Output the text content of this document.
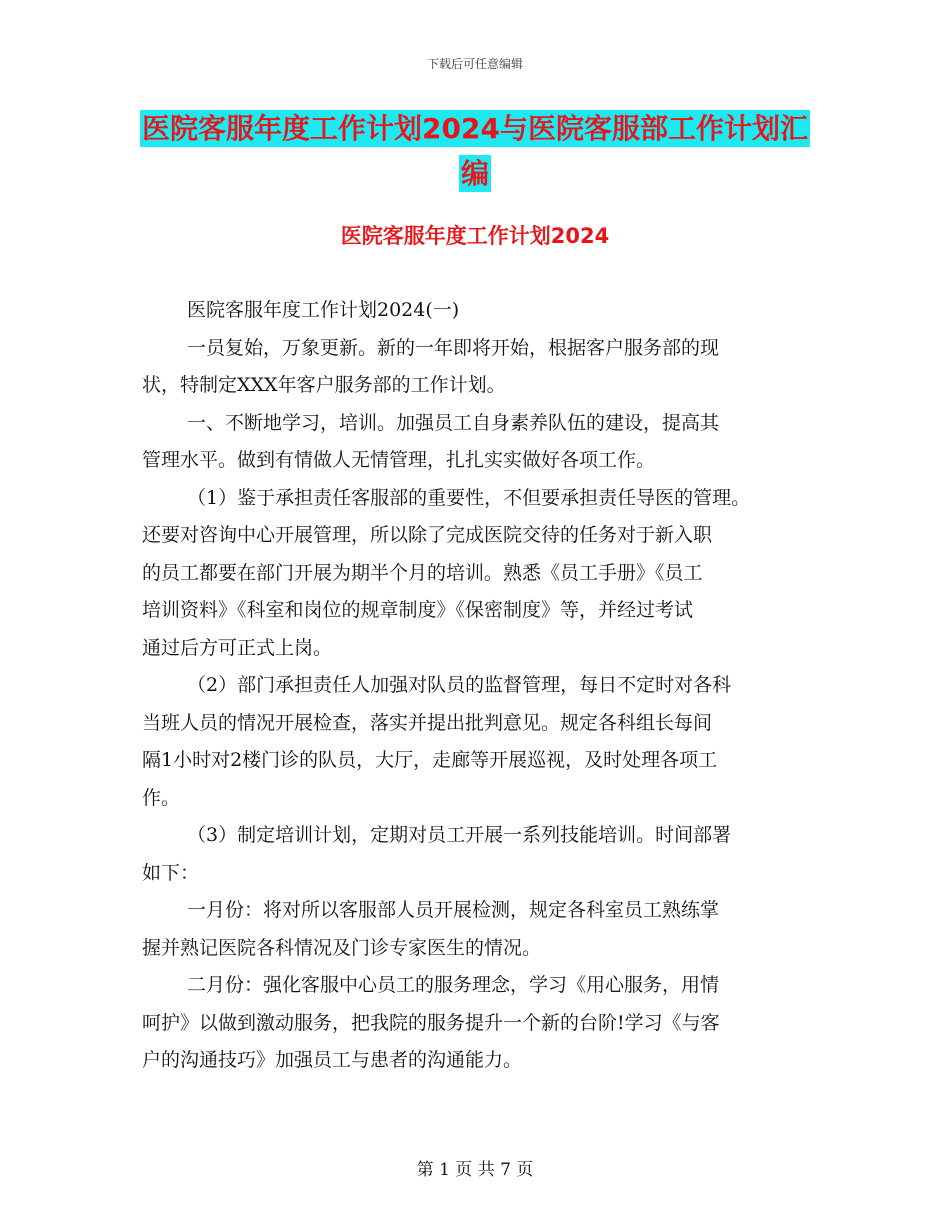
下载后可任意编辑
医院客服年度工作计划2024与医院客服部工作计划汇
编
医院客服年度工作计划2024
医院客服年度工作计划2024(一)
一员复始，万象更新。新的一年即将开始，根据客户服务部的现
状，特制定XXX年客户服务部的工作计划。
一、不断地学习，培训。加强员工自身素养队伍的建设，提高其
管理水平。做到有情做人无情管理，扎扎实实做好各项工作。
（1）鉴于承担责任客服部的重要性，不但要承担责任导医的管理。
还要对咨询中心开展管理，所以除了完成医院交待的任务对于新入职
的员工都要在部门开展为期半个月的培训。熟悉《员工手册》《员工
培训资料》《科室和岗位的规章制度》《保密制度》等，并经过考试
通过后方可正式上岗。
（2）部门承担责任人加强对队员的监督管理，每日不定时对各科
当班人员的情况开展检查，落实并提出批判意见。规定各科组长每间
隔1小时对2楼门诊的队员，大厅，走廊等开展巡视，及时处理各项工
作。
（3）制定培训计划，定期对员工开展一系列技能培训。时间部署
如下：
一月份：将对所以客服部人员开展检测，规定各科室员工熟练掌
握并熟记医院各科情况及门诊专家医生的情况。
二月份：强化客服中心员工的服务理念，学习《用心服务，用情
呵护》以做到激动服务，把我院的服务提升一个新的台阶!学习《与客
户的沟通技巧》加强员工与患者的沟通能力。
第 1 页 共 7 页
